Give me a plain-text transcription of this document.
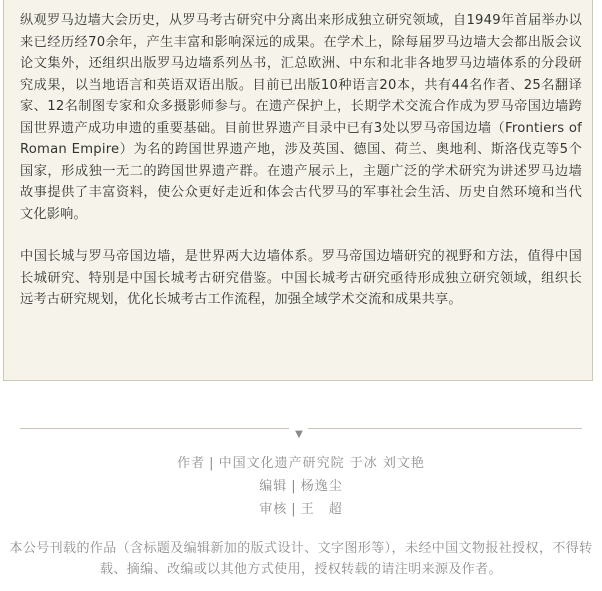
纵观罗马边墙大会历史，从罗马考古研究中分离出来形成独立研究领域，自1949年首届举办以来已经历经70余年，产生丰富和影响深远的成果。在学术上，除每届罗马边墙大会都出版会议论文集外，还组织出版罗马边墙系列丛书，汇总欧洲、中东和北非各地罗马边墙体系的分段研究成果，以当地语言和英语双语出版。目前已出版10种语言20本，共有44名作者、25名翻译家、12名制图专家和众多摄影师参与。在遗产保护上，长期学术交流合作成为罗马帝国边墙跨国世界遗产成功申遗的重要基础。目前世界遗产目录中已有3处以罗马帝国边墙（Frontiers of Roman Empire）为名的跨国世界遗产地，涉及英国、德国、荷兰、奥地利、斯洛伐克等5个国家，形成独一无二的跨国世界遗产群。在遗产展示上，主题广泛的学术研究为讲述罗马边墙故事提供了丰富资料，使公众更好走近和体会古代罗马的军事社会生活、历史自然环境和当代文化影响。

中国长城与罗马帝国边墙，是世界两大边墙体系。罗马帝国边墙研究的视野和方法，值得中国长城研究、特别是中国长城考古研究借鉴。中国长城考古研究亟待形成独立研究领域，组织长远考古研究规划，优化长城考古工作流程，加强全域学术交流和成果共享。

▼
作者 | 中国文化遗产研究院 于冰 刘文艳
编辑 | 杨逸尘
审核 | 王　超
本公号刊载的作品（含标题及编辑新加的版式设计、文字图形等），未经中国文物报社授权，不得转载、摘编、改编或以其他方式使用，授权转载的请注明来源及作者。
